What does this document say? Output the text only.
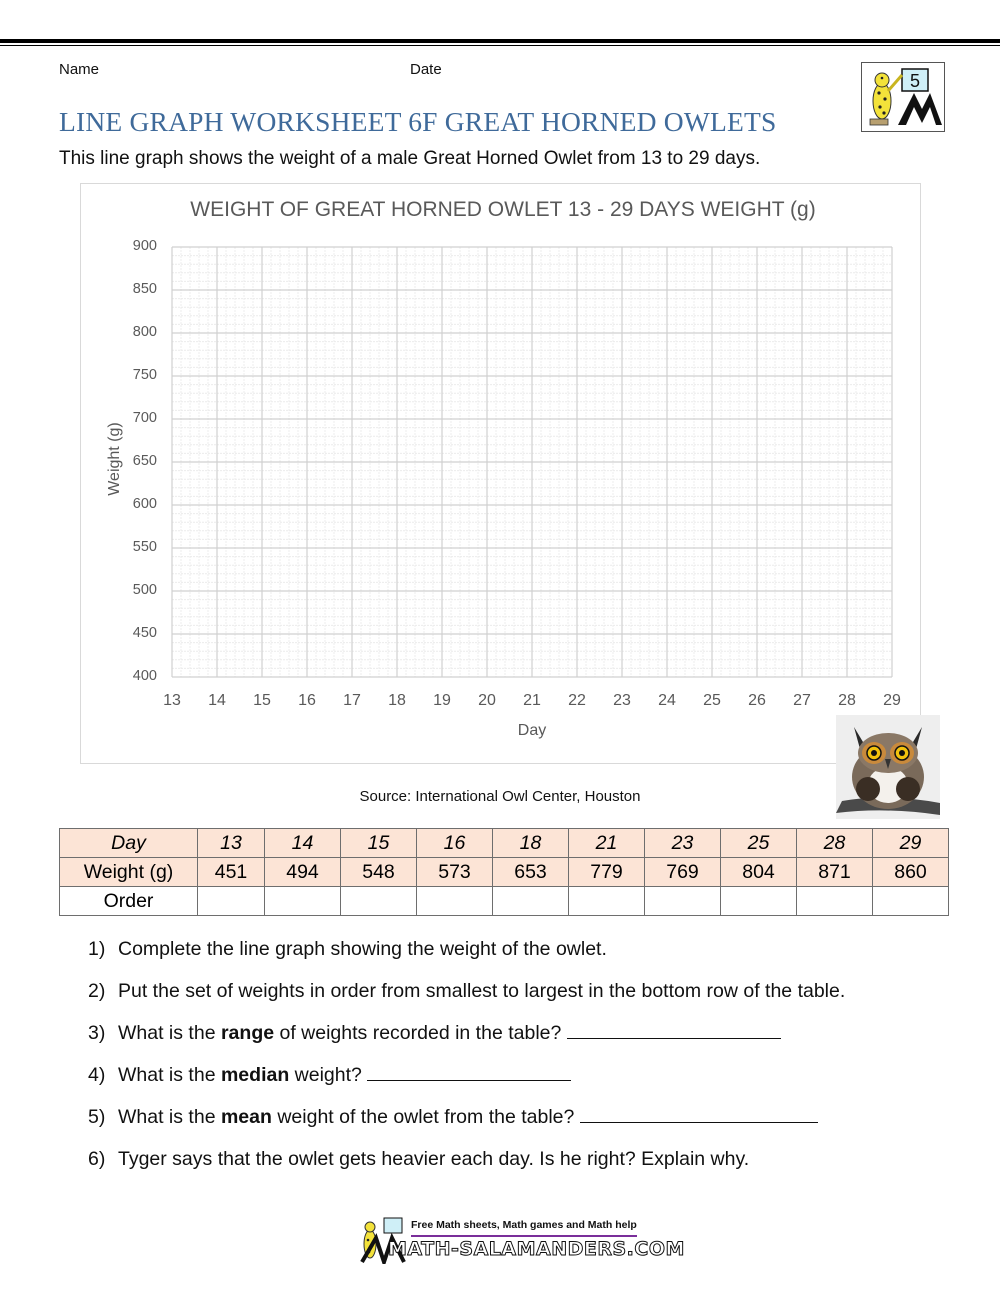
Name	Date
5
LINE GRAPH WORKSHEET 6F GREAT HORNED OWLETS
This line graph shows the weight of a male Great Horned Owlet from 13 to 29 days.
WEIGHT OF GREAT HORNED OWLET 13 - 29 DAYS WEIGHT (g)
400
450
500
550
600
650
700
750
800
850
900
13	14	15	16	17	18	19	20	21	22	23	24	25	26	27	28	29
Weight (g)
Day
Source: International Owl Center, Houston
Day	13	14	15	16	18	21	23	25	28	29
Weight (g)	451	494	548	573	653	779	769	804	871	860
Order										
1) Complete the line graph showing the weight of the owlet.
2) Put the set of weights in order from smallest to largest in the bottom row of the table.
3) What is the range of weights recorded in the table?
4) What is the median weight?
5) What is the mean weight of the owlet from the table?
6) Tyger says that the owlet gets heavier each day. Is he right? Explain why.
Free Math sheets, Math games and Math help
MATH-SALAMANDERS.COM
